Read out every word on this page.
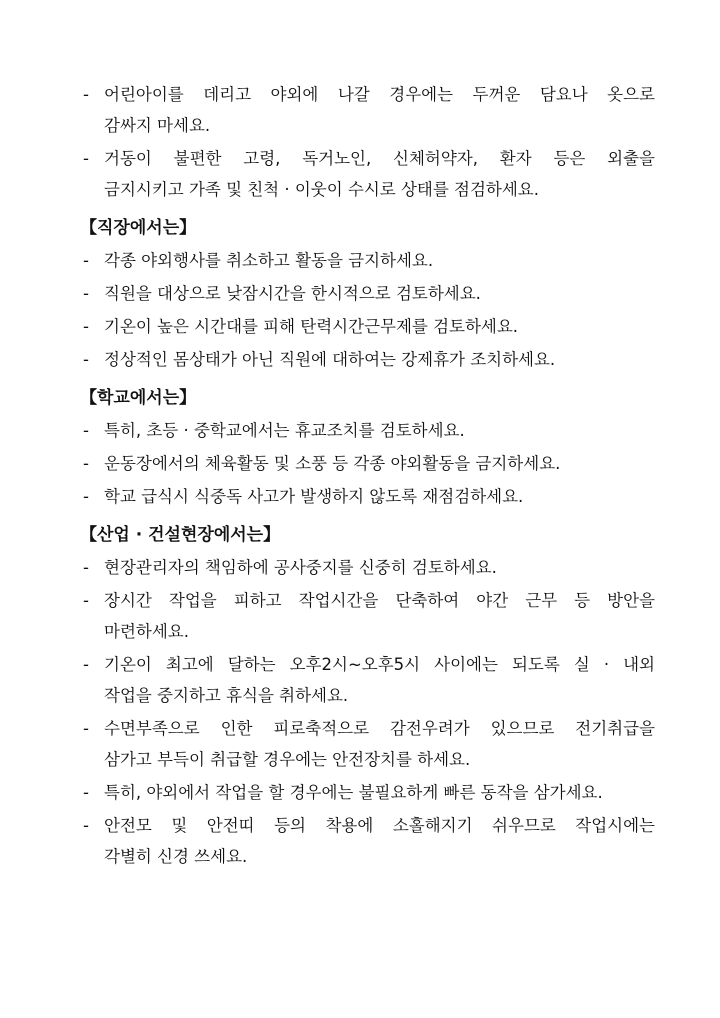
- 어린아이를 데리고 야외에 나갈 경우에는 두꺼운 담요나 옷으로
감싸지 마세요.
- 거동이 불편한 고령, 독거노인, 신체허약자, 환자 등은 외출을
금지시키고 가족 및 친척 · 이웃이 수시로 상태를 점검하세요.
【직장에서는】
- 각종 야외행사를 취소하고 활동을 금지하세요.
- 직원을 대상으로 낮잠시간을 한시적으로 검토하세요.
- 기온이 높은 시간대를 피해 탄력시간근무제를 검토하세요.
- 정상적인 몸상태가 아닌 직원에 대하여는 강제휴가 조치하세요.
【학교에서는】
- 특히, 초등 · 중학교에서는 휴교조치를 검토하세요.
- 운동장에서의 체육활동 및 소풍 등 각종 야외활동을 금지하세요.
- 학교 급식시 식중독 사고가 발생하지 않도록 재점검하세요.
【산업 · 건설현장에서는】
- 현장관리자의 책임하에 공사중지를 신중히 검토하세요.
- 장시간 작업을 피하고 작업시간을 단축하여 야간 근무 등 방안을
마련하세요.
- 기온이 최고에 달하는 오후2시~오후5시 사이에는 되도록 실 · 내외
작업을 중지하고 휴식을 취하세요.
- 수면부족으로 인한 피로축적으로 감전우려가 있으므로 전기취급을
삼가고 부득이 취급할 경우에는 안전장치를 하세요.
- 특히, 야외에서 작업을 할 경우에는 불필요하게 빠른 동작을 삼가세요.
- 안전모 및 안전띠 등의 착용에 소홀해지기 쉬우므로 작업시에는
각별히 신경 쓰세요.
